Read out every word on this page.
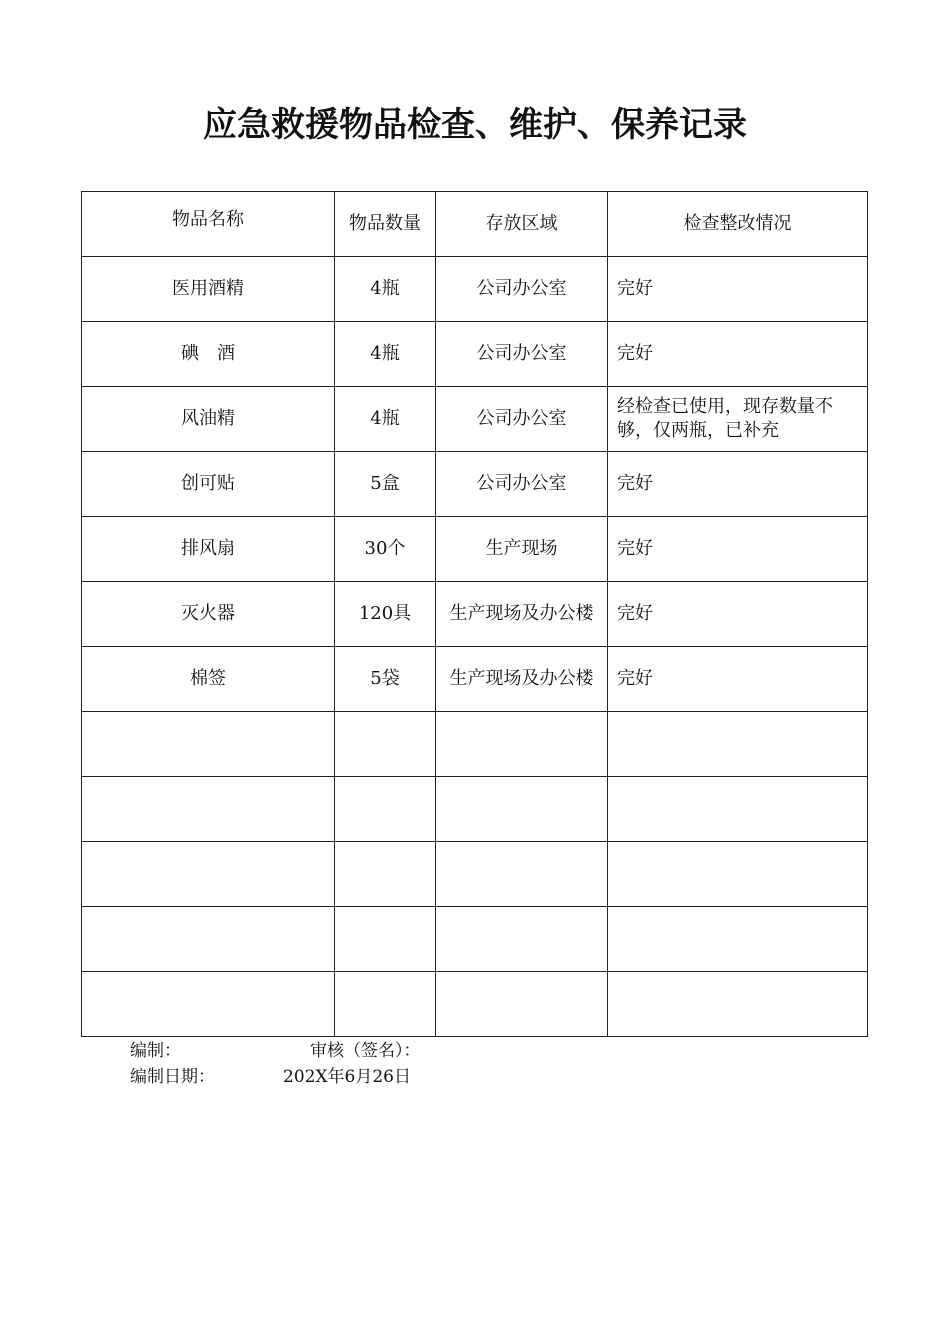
应急救援物品检查、维护、保养记录
物品名称	物品数量	存放区域	检查整改情况
医用酒精	4瓶	公司办公室	完好
碘　酒	4瓶	公司办公室	完好
风油精	4瓶	公司办公室	经检查已使用，现存数量不够，仅两瓶，已补充
创可贴	5盒	公司办公室	完好
排风扇	30个	生产现场	完好
灭火器	120具	生产现场及办公楼	完好
棉签	5袋	生产现场及办公楼	完好

编制：	审核（签名）：
编制日期：	202X年6月26日
